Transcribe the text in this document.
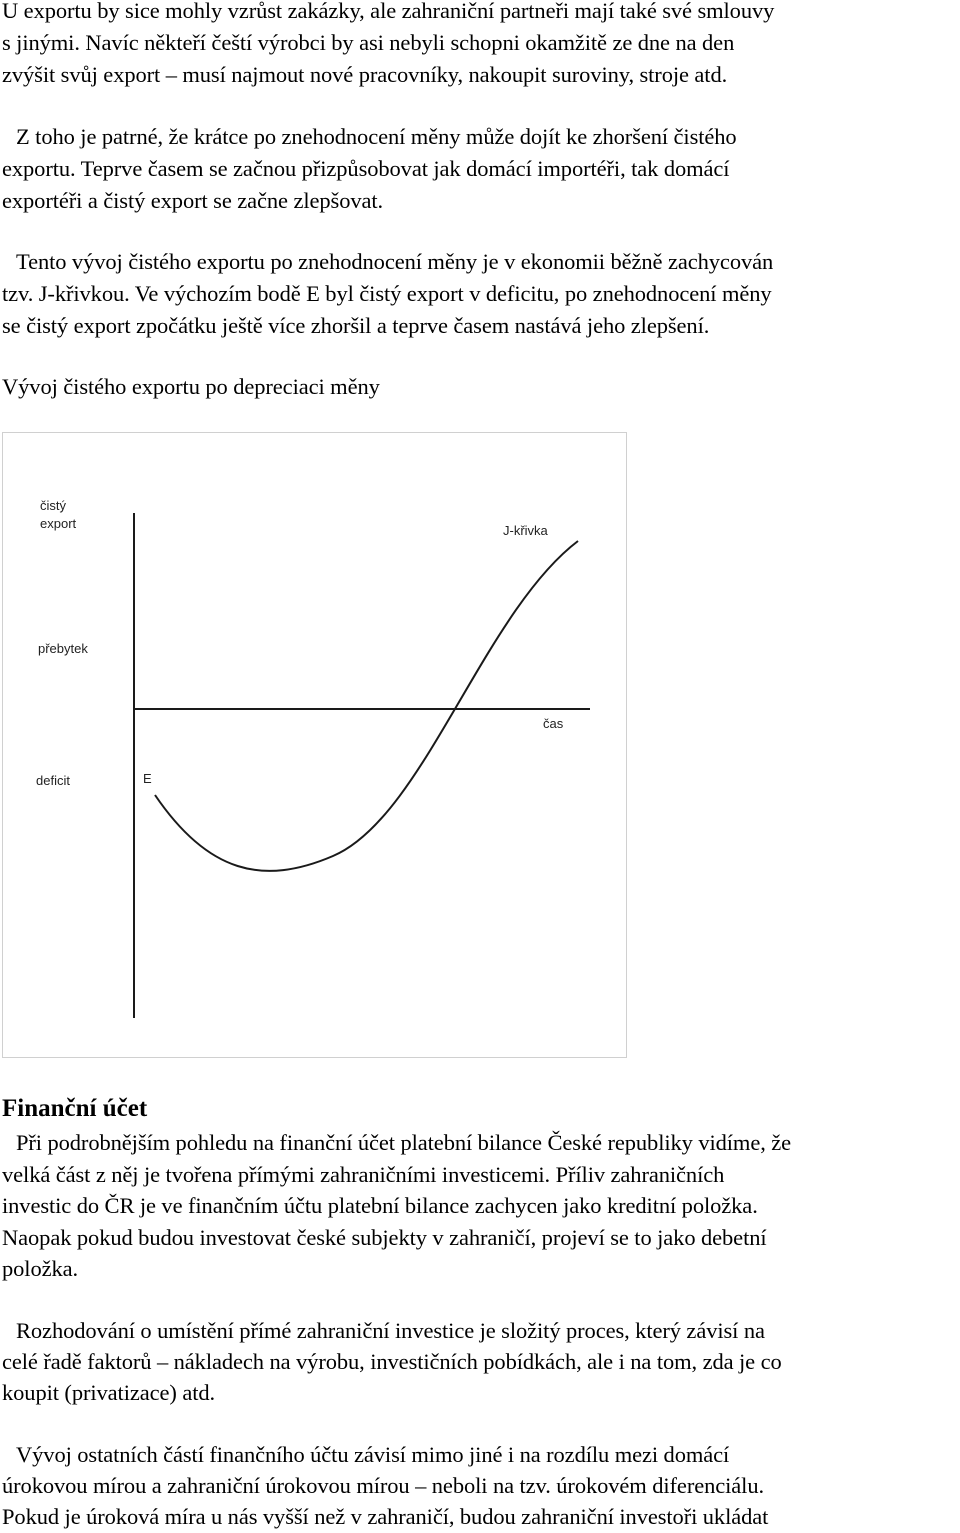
U exportu by sice mohly vzrůst zakázky, ale zahraniční partneři mají také své smlouvy
s jinými. Navíc někteří čeští výrobci by asi nebyli schopni okamžitě ze dne na den
zvýšit svůj export – musí najmout nové pracovníky, nakoupit suroviny, stroje atd.
Z toho je patrné, že krátce po znehodnocení měny může dojít ke zhoršení čistého
exportu. Teprve časem se začnou přizpůsobovat jak domácí importéři, tak domácí
exportéři a čistý export se začne zlepšovat.
Tento vývoj čistého exportu po znehodnocení měny je v ekonomii běžně zachycován
tzv. J-křivkou. Ve výchozím bodě E byl čistý export v deficitu, po znehodnocení měny
se čistý export zpočátku ještě více zhoršil a teprve časem nastává jeho zlepšení.
Vývoj čistého exportu po depreciaci měny
čistý
export
přebytek
deficit
čas
E
J-křivka
Finanční účet
Při podrobnějším pohledu na finanční účet platební bilance České republiky vidíme, že
velká část z něj je tvořena přímými zahraničními investicemi. Příliv zahraničních
investic do ČR je ve finančním účtu platební bilance zachycen jako kreditní položka.
Naopak pokud budou investovat české subjekty v zahraničí, projeví se to jako debetní
položka.
Rozhodování o umístění přímé zahraniční investice je složitý proces, který závisí na
celé řadě faktorů – nákladech na výrobu, investičních pobídkách, ale i na tom, zda je co
koupit (privatizace) atd.
Vývoj ostatních částí finančního účtu závisí mimo jiné i na rozdílu mezi domácí
úrokovou mírou a zahraniční úrokovou mírou – neboli na tzv. úrokovém diferenciálu.
Pokud je úroková míra u nás vyšší než v zahraničí, budou zahraniční investoři ukládat
